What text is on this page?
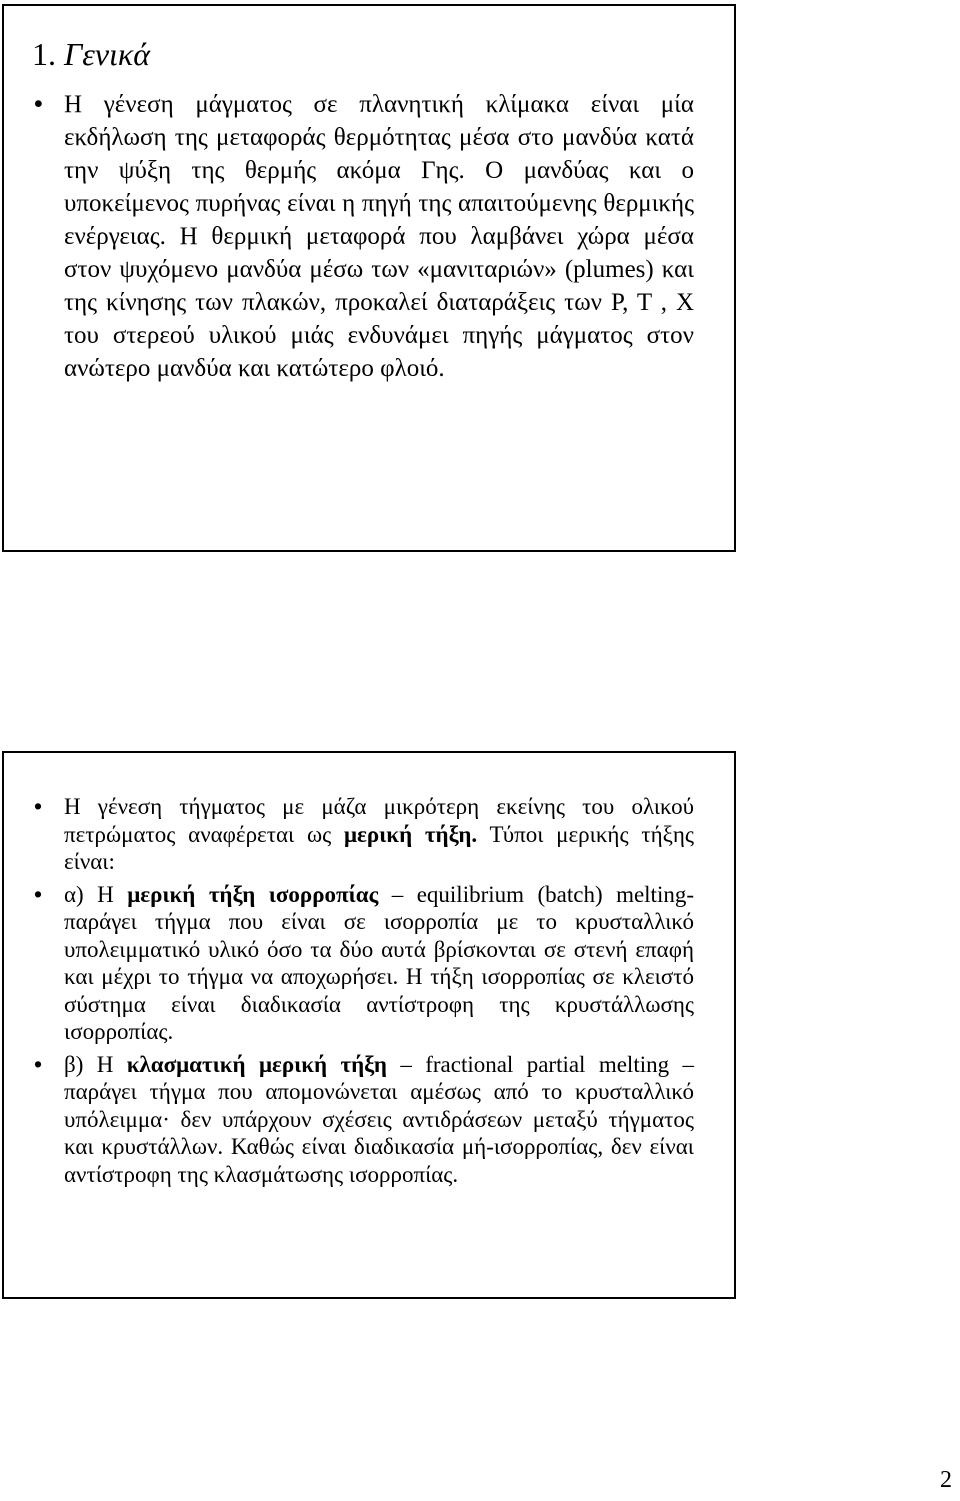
1. Γενικά
• Η γένεση μάγματος σε πλανητική κλίμακα είναι μία εκδήλωση της μεταφοράς θερμότητας μέσα στο μανδύα κατά την ψύξη της θερμής ακόμα Γης. Ο μανδύας και ο υποκείμενος πυρήνας είναι η πηγή της απαιτούμενης θερμικής ενέργειας. Η θερμική μεταφορά που λαμβάνει χώρα μέσα στον ψυχόμενο μανδύα μέσω των «μανιταριών» (plumes) και της κίνησης των πλακών, προκαλεί διαταράξεις των P, T , X του στερεού υλικού μιάς ενδυνάμει πηγής μάγματος στον ανώτερο μανδύα και κατώτερο φλοιό.
• Η γένεση τήγματος με μάζα μικρότερη εκείνης του ολικού πετρώματος αναφέρεται ως μερική τήξη. Τύποι μερικής τήξης είναι:
• α) Η μερική τήξη ισορροπίας – equilibrium (batch) melting- παράγει τήγμα που είναι σε ισορροπία με το κρυσταλλικό υπολειμματικό υλικό όσο τα δύο αυτά βρίσκονται σε στενή επαφή και μέχρι το τήγμα να αποχωρήσει. Η τήξη ισορροπίας σε κλειστό σύστημα είναι διαδικασία αντίστροφη της κρυστάλλωσης ισορροπίας.
• β) Η κλασματική μερική τήξη – fractional partial melting – παράγει τήγμα που απομονώνεται αμέσως από το κρυσταλλικό υπόλειμμα· δεν υπάρχουν σχέσεις αντιδράσεων μεταξύ τήγματος και κρυστάλλων. Καθώς είναι διαδικασία μή-ισορροπίας, δεν είναι αντίστροφη της κλασμάτωσης ισορροπίας.
2
